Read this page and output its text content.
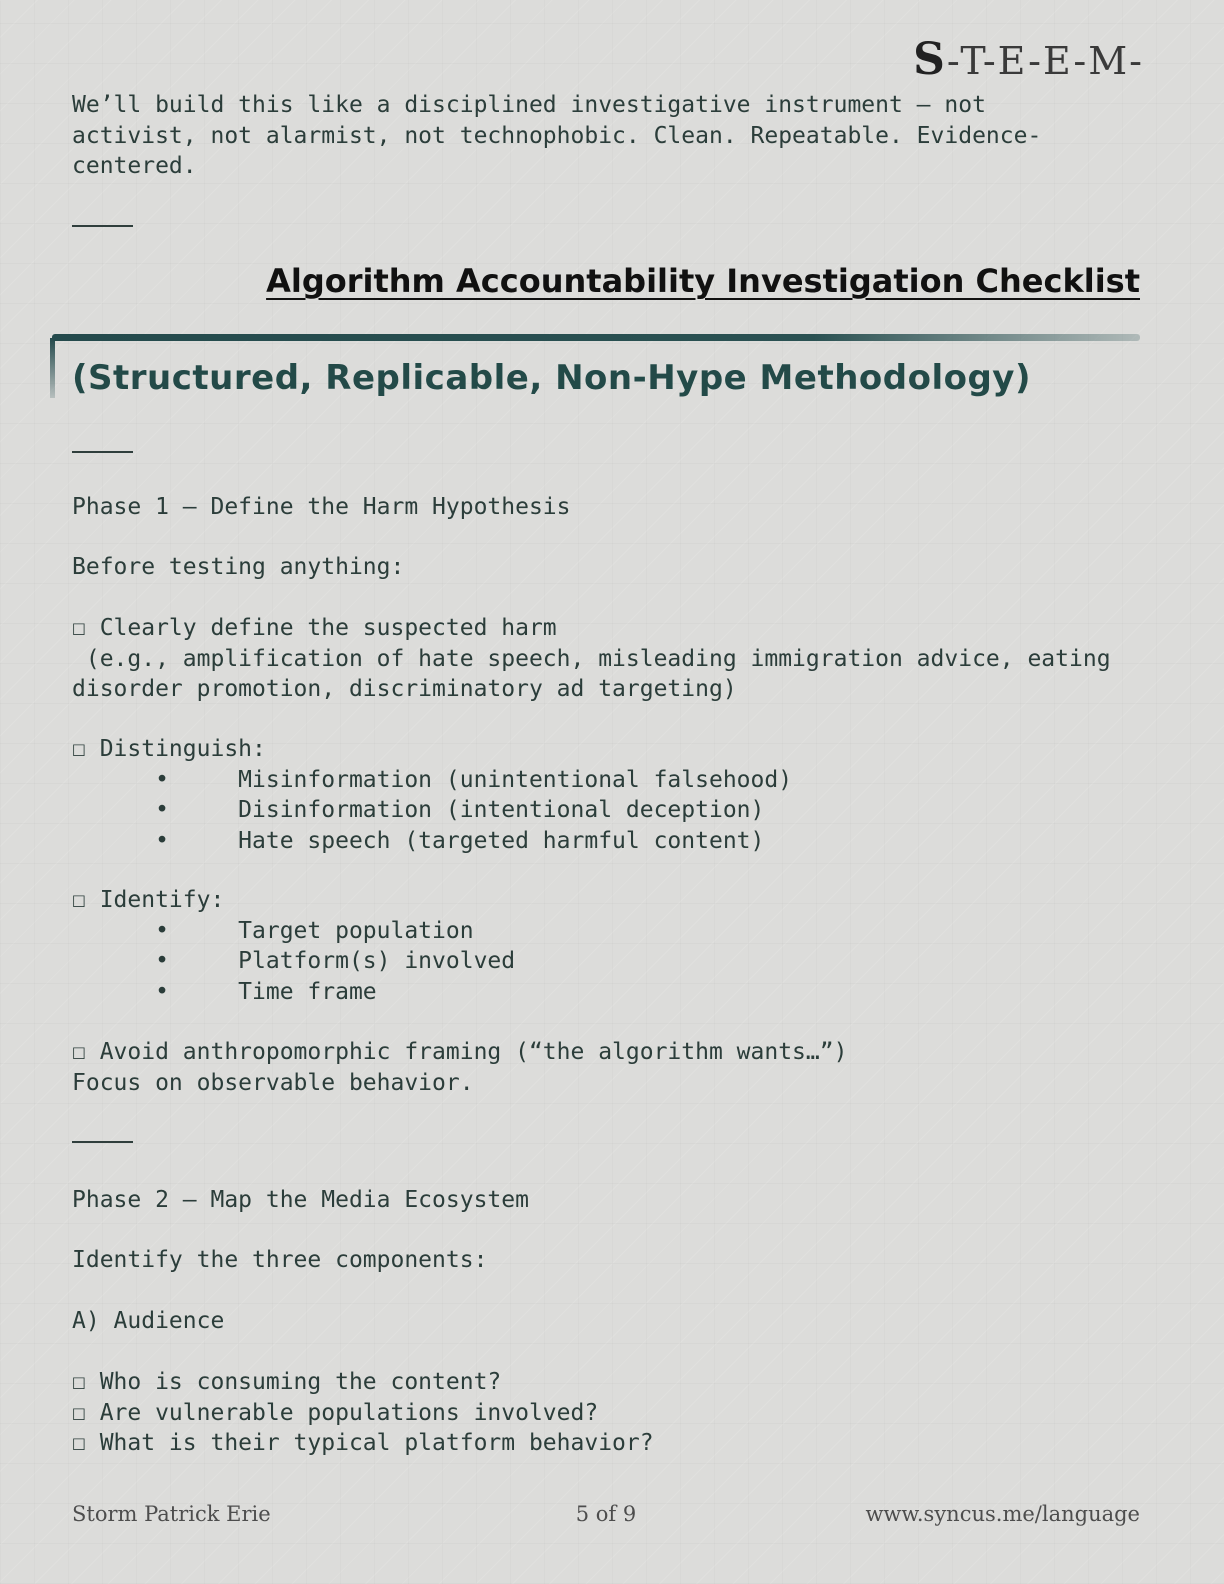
S-T-E-E-M-

We’ll build this like a disciplined investigative instrument — not activist, not alarmist, not technophobic. Clean. Repeatable. Evidence-centered.

Algorithm Accountability Investigation Checklist
(Structured, Replicable, Non-Hype Methodology)

Phase 1 — Define the Harm Hypothesis

Before testing anything:

☐ Clearly define the suspected harm
(e.g., amplification of hate speech, misleading immigration advice, eating
disorder promotion, discriminatory ad targeting)

☐ Distinguish:
•     Misinformation (unintentional falsehood)
•     Disinformation (intentional deception)
•     Hate speech (targeted harmful content)

☐ Identify:
•     Target population
•     Platform(s) involved
•     Time frame

☐ Avoid anthropomorphic framing (“the algorithm wants…”)
Focus on observable behavior.

Phase 2 — Map the Media Ecosystem

Identify the three components:

A) Audience

☐ Who is consuming the content?
☐ Are vulnerable populations involved?
☐ What is their typical platform behavior?

Storm Patrick Erie	5 of 9	www.syncus.me/language
